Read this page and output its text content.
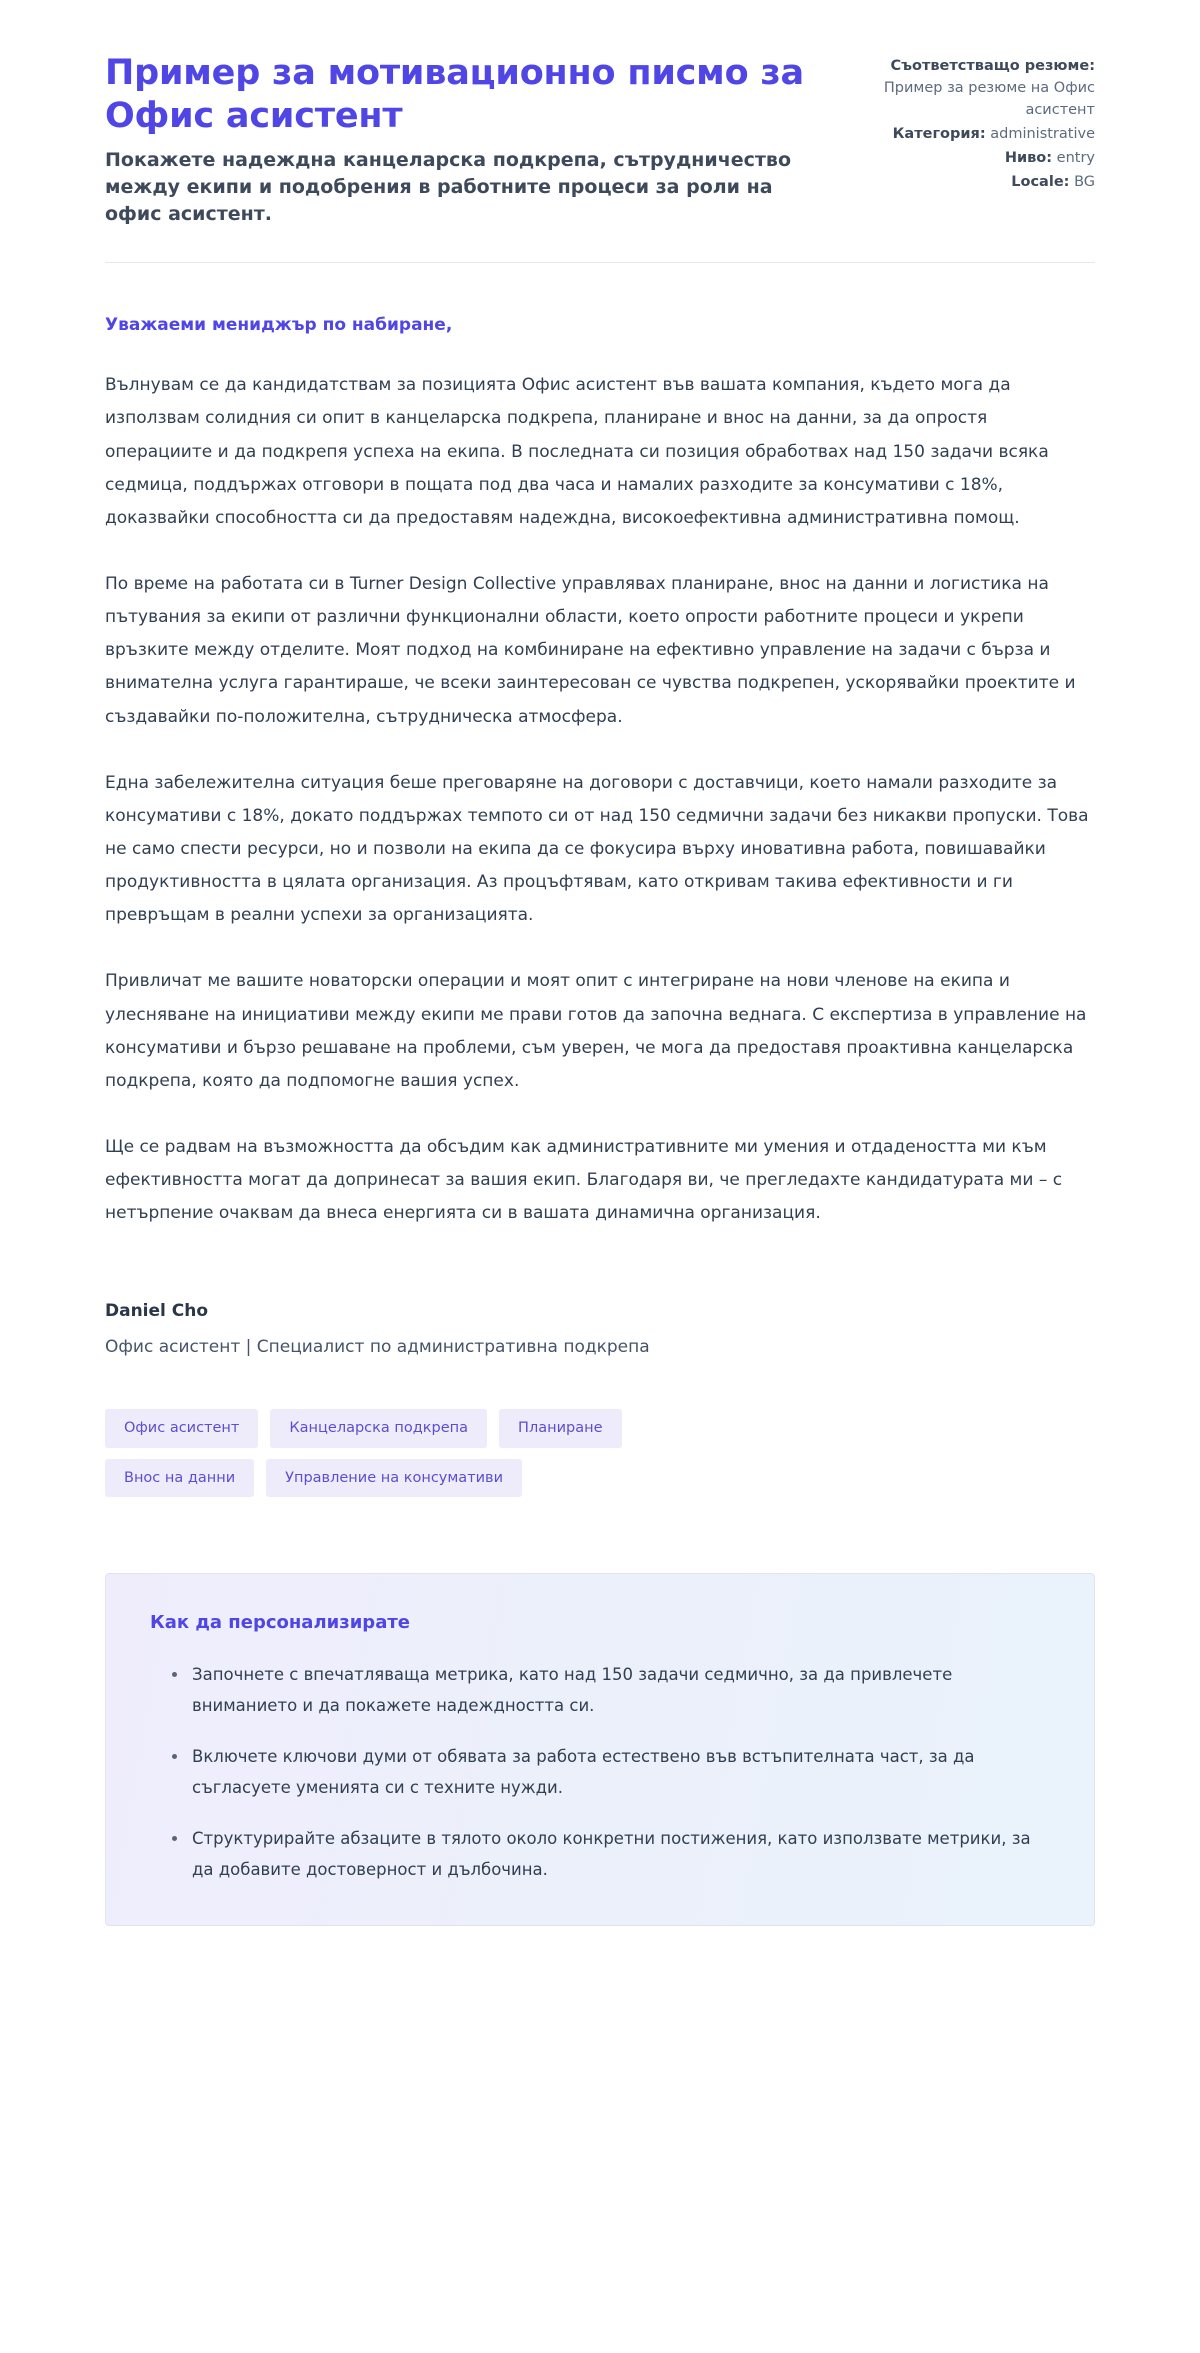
Пример за мотивационно писмо за Офис асистент

Покажете надеждна канцеларска подкрепа, сътрудничество между екипи и подобрения в работните процеси за роли на офис асистент.

Съответстващо резюме: Пример за резюме на Офис асистент
Категория: administrative
Ниво: entry
Locale: BG

Уважаеми мениджър по набиране,

Вълнувам се да кандидатствам за позицията Офис асистент във вашата компания, където мога да използвам солидния си опит в канцеларска подкрепа, планиране и внос на данни, за да опростя операциите и да подкрепя успеха на екипа. В последната си позиция обработвах над 150 задачи всяка седмица, поддържах отговори в пощата под два часа и намалих разходите за консумативи с 18%, доказвайки способността си да предоставям надеждна, високоефективна административна помощ.

По време на работата си в Turner Design Collective управлявах планиране, внос на данни и логистика на пътувания за екипи от различни функционални области, което опрости работните процеси и укрепи връзките между отделите. Моят подход на комбиниране на ефективно управление на задачи с бърза и внимателна услуга гарантираше, че всеки заинтересован се чувства подкрепен, ускорявайки проектите и създавайки по-положителна, сътрудническа атмосфера.

Една забележителна ситуация беше преговаряне на договори с доставчици, което намали разходите за консумативи с 18%, докато поддържах темпото си от над 150 седмични задачи без никакви пропуски. Това не само спести ресурси, но и позволи на екипа да се фокусира върху иновативна работа, повишавайки продуктивността в цялата организация. Аз процъфтявам, като откривам такива ефективности и ги превръщам в реални успехи за организацията.

Привличат ме вашите новаторски операции и моят опит с интегриране на нови членове на екипа и улесняване на инициативи между екипи ме прави готов да започна веднага. С експертиза в управление на консумативи и бързо решаване на проблеми, съм уверен, че мога да предоставя проактивна канцеларска подкрепа, която да подпомогне вашия успех.

Ще се радвам на възможността да обсъдим как административните ми умения и отдадеността ми към ефективността могат да допринесат за вашия екип. Благодаря ви, че прегледахте кандидатурата ми – с нетърпение очаквам да внеса енергията си в вашата динамична организация.

Daniel Cho
Офис асистент | Специалист по административна подкрепа
Офис асистент	Канцеларска подкрепа	Планиране
Внос на данни	Управление на консумативи
Как да персонализирате
Започнете с впечатляваща метрика, като над 150 задачи седмично, за да привлечете вниманието и да покажете надеждността си.
Включете ключови думи от обявата за работа естествено във встъпителната част, за да съгласуете уменията си с техните нужди.
Структурирайте абзаците в тялото около конкретни постижения, като използвате метрики, за да добавите достоверност и дълбочина.
